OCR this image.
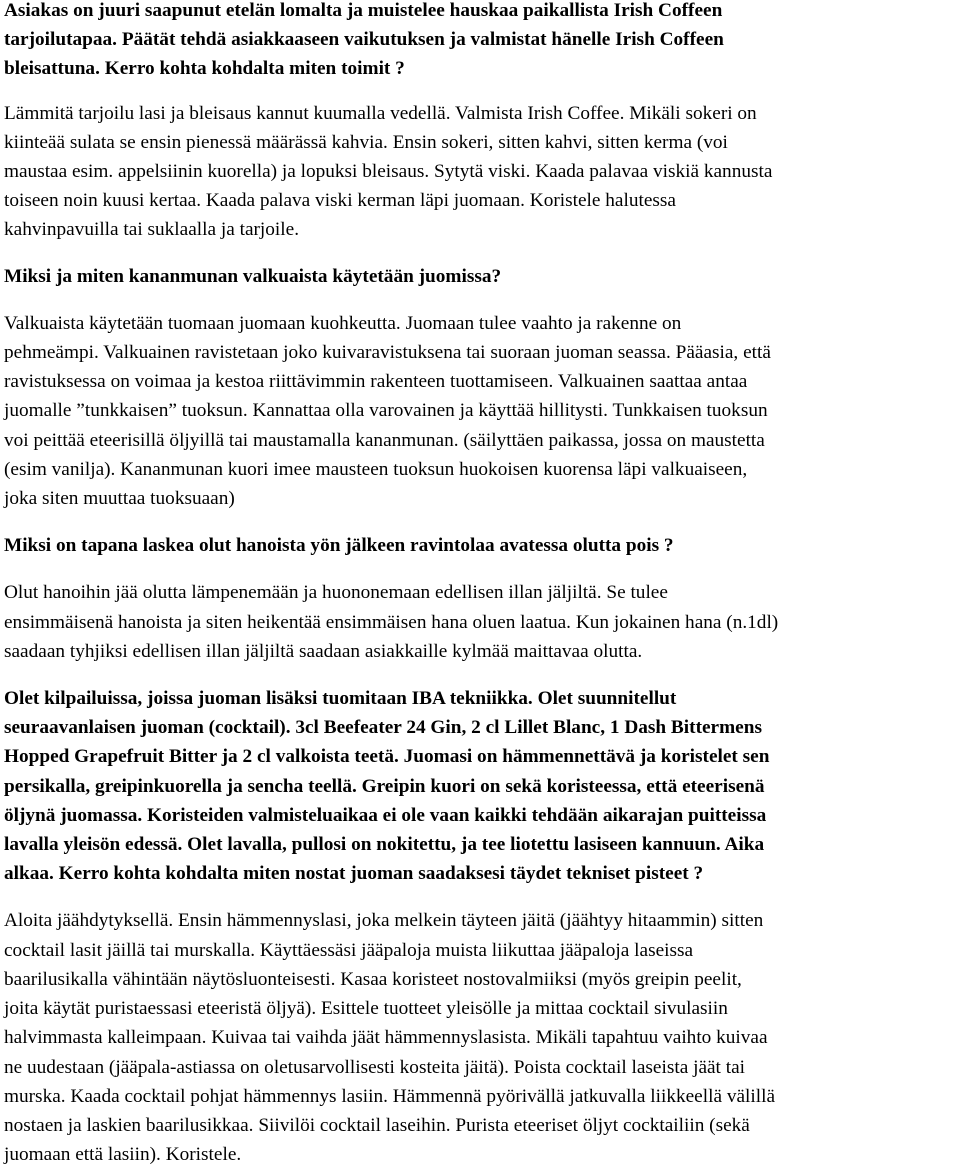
Asiakas on juuri saapunut etelän lomalta ja muistelee hauskaa paikallista Irish Coffeen
tarjoilutapaa. Päätät tehdä asiakkaaseen vaikutuksen ja valmistat hänelle Irish Coffeen
bleisattuna. Kerro kohta kohdalta miten toimit ?

Lämmitä tarjoilu lasi ja bleisaus kannut kuumalla vedellä. Valmista Irish Coffee. Mikäli sokeri on
kiinteää sulata se ensin pienessä määrässä kahvia. Ensin sokeri, sitten kahvi, sitten kerma (voi
maustaa esim. appelsiinin kuorella) ja lopuksi bleisaus. Sytytä viski. Kaada palavaa viskiä kannusta
toiseen noin kuusi kertaa. Kaada palava viski kerman läpi juomaan. Koristele halutessa
kahvinpavuilla tai suklaalla ja tarjoile.

Miksi ja miten kananmunan valkuaista käytetään juomissa?

Valkuaista käytetään tuomaan juomaan kuohkeutta. Juomaan tulee vaahto ja rakenne on
pehmeämpi. Valkuainen ravistetaan joko kuivaravistuksena tai suoraan juoman seassa. Pääasia, että
ravistuksessa on voimaa ja kestoa riittävimmin rakenteen tuottamiseen. Valkuainen saattaa antaa
juomalle ”tunkkaisen” tuoksun. Kannattaa olla varovainen ja käyttää hillitysti. Tunkkaisen tuoksun
voi peittää eteerisillä öljyillä tai maustamalla kananmunan. (säilyttäen paikassa, jossa on maustetta
(esim vanilja). Kananmunan kuori imee mausteen tuoksun huokoisen kuorensa läpi valkuaiseen,
joka siten muuttaa tuoksuaan)

Miksi on tapana laskea olut hanoista yön jälkeen ravintolaa avatessa olutta pois ?

Olut hanoihin jää olutta lämpenemään ja huononemaan edellisen illan jäljiltä. Se tulee
ensimmäisenä hanoista ja siten heikentää ensimmäisen hana oluen laatua. Kun jokainen hana (n.1dl)
saadaan tyhjiksi edellisen illan jäljiltä saadaan asiakkaille kylmää maittavaa olutta.

Olet kilpailuissa, joissa juoman lisäksi tuomitaan IBA tekniikka. Olet suunnitellut
seuraavanlaisen juoman (cocktail). 3cl Beefeater 24 Gin, 2 cl Lillet Blanc, 1 Dash Bittermens
Hopped Grapefruit Bitter ja 2 cl valkoista teetä. Juomasi on hämmennettävä ja koristelet sen
persikalla, greipinkuorella ja sencha teellä. Greipin kuori on sekä koristeessa, että eteerisenä
öljynä juomassa. Koristeiden valmisteluaikaa ei ole vaan kaikki tehdään aikarajan puitteissa
lavalla yleisön edessä. Olet lavalla, pullosi on nokitettu, ja tee liotettu lasiseen kannuun. Aika
alkaa. Kerro kohta kohdalta miten nostat juoman saadaksesi täydet tekniset pisteet ?

Aloita jäähdytyksellä. Ensin hämmennyslasi, joka melkein täyteen jäitä (jäähtyy hitaammin) sitten
cocktail lasit jäillä tai murskalla. Käyttäessäsi jääpaloja muista liikuttaa jääpaloja laseissa
baarilusikalla vähintään näytösluonteisesti. Kasaa koristeet nostovalmiiksi (myös greipin peelit,
joita käytät puristaessasi eteeristä öljyä). Esittele tuotteet yleisölle ja mittaa cocktail sivulasiin
halvimmasta kalleimpaan. Kuivaa tai vaihda jäät hämmennyslasista. Mikäli tapahtuu vaihto kuivaa
ne uudestaan (jääpala-astiassa on oletusarvollisesti kosteita jäitä). Poista cocktail laseista jäät tai
murska. Kaada cocktail pohjat hämmennys lasiin. Hämmennä pyörivällä jatkuvalla liikkeellä välillä
nostaen ja laskien baarilusikkaa. Siivilöi cocktail laseihin. Purista eteeriset öljyt cocktailiin (sekä
juomaan että lasiin). Koristele.
